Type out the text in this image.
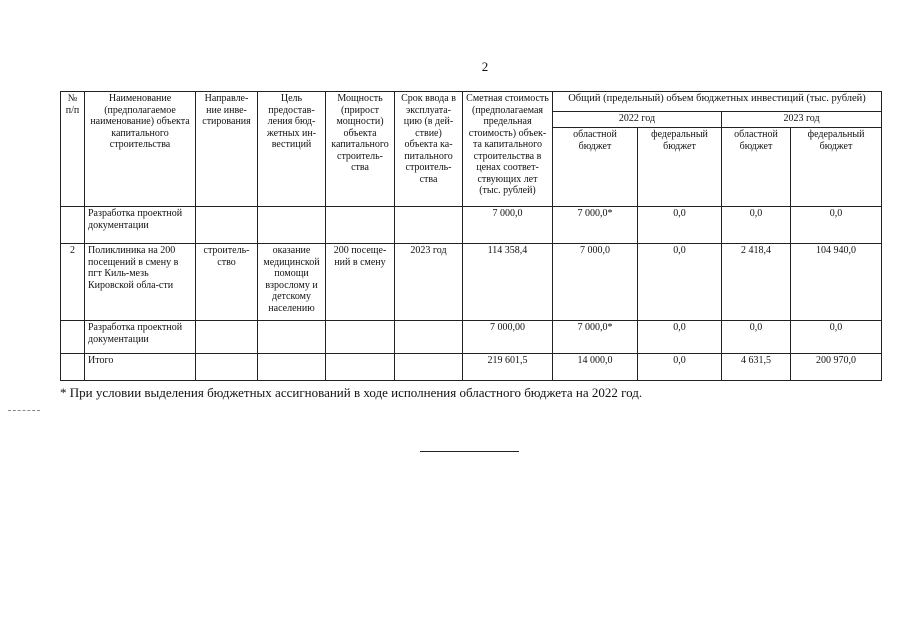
2
№ п/п	Наименование (предполагаемое наименование) объекта капитального строительства	Направле-ние инве-стирования	Цель предостав-ления бюд-жетных ин-вестиций	Мощность (прирост мощности) объекта капитального строитель-ства	Срок ввода в эксплуата-цию (в дей-ствие) объекта ка-питального строитель-ства	Сметная стоимость (предполагаемая предельная стоимость) объек-та капитального строительства в ценах соответ-ствующих лет (тыс. рублей)	Общий (предельный) объем бюджетных инвестиций (тыс. рублей)			
							2022 год		2023 год	
							областной бюджет	федеральный бюджет	областной бюджет	федеральный бюджет
	Разработка проектной документации					7 000,0	7 000,0*	0,0	0,0	0,0
2	Поликлиника на 200 посещений в смену в пгт Киль-мезь Кировской обла-сти	строитель-ство	оказание медицинской помощи взрослому и детскому населению	200 посеще-ний в смену	2023 год	114 358,4	7 000,0	0,0	2 418,4	104 940,0
	Разработка проектной документации					7 000,00	7 000,0*	0,0	0,0	0,0
	Итого					219 601,5	14 000,0	0,0	4 631,5	200 970,0
* При условии выделения бюджетных ассигнований в ходе исполнения областного бюджета на 2022 год.
